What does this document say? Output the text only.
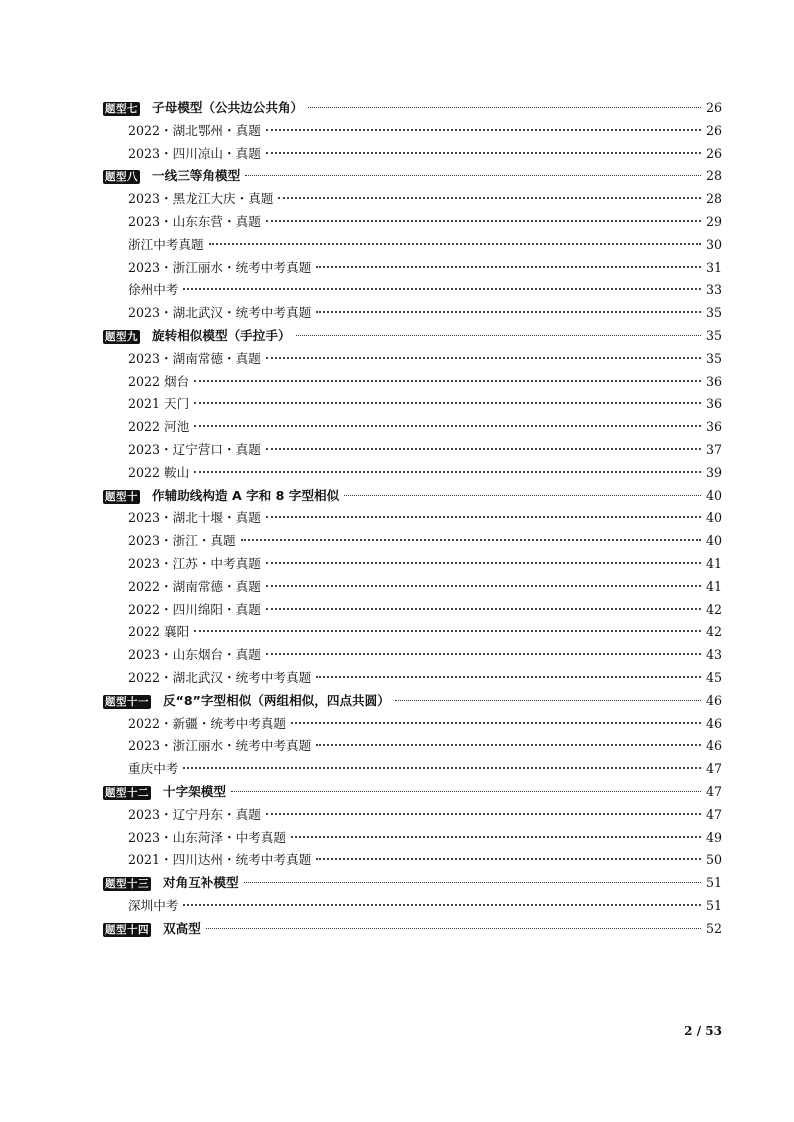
题型七 子母模型（公共边公共角）	26
2022・湖北鄂州・真题	26
2023・四川凉山・真题	26
题型八 一线三等角模型	28
2023・黑龙江大庆・真题	28
2023・山东东营・真题	29
浙江中考真题	30
2023・浙江丽水・统考中考真题	31
徐州中考	33
2023・湖北武汉・统考中考真题	35
题型九 旋转相似模型（手拉手）	35
2023・湖南常德・真题	35
2022 烟台	36
2021 天门	36
2022 河池	36
2023・辽宁营口・真题	37
2022 鞍山	39
题型十 作辅助线构造 A 字和 8 字型相似	40
2023・湖北十堰・真题	40
2023・浙江・真题	40
2023・江苏・中考真题	41
2022・湖南常德・真题	41
2022・四川绵阳・真题	42
2022 襄阳	42
2023・山东烟台・真题	43
2022・湖北武汉・统考中考真题	45
题型十一 反“8”字型相似（两组相似，四点共圆）	46
2022・新疆・统考中考真题	46
2023・浙江丽水・统考中考真题	46
重庆中考	47
题型十二 十字架模型	47
2023・辽宁丹东・真题	47
2023・山东菏泽・中考真题	49
2021・四川达州・统考中考真题	50
题型十三 对角互补模型	51
深圳中考	51
题型十四 双高型	52
2 / 53
